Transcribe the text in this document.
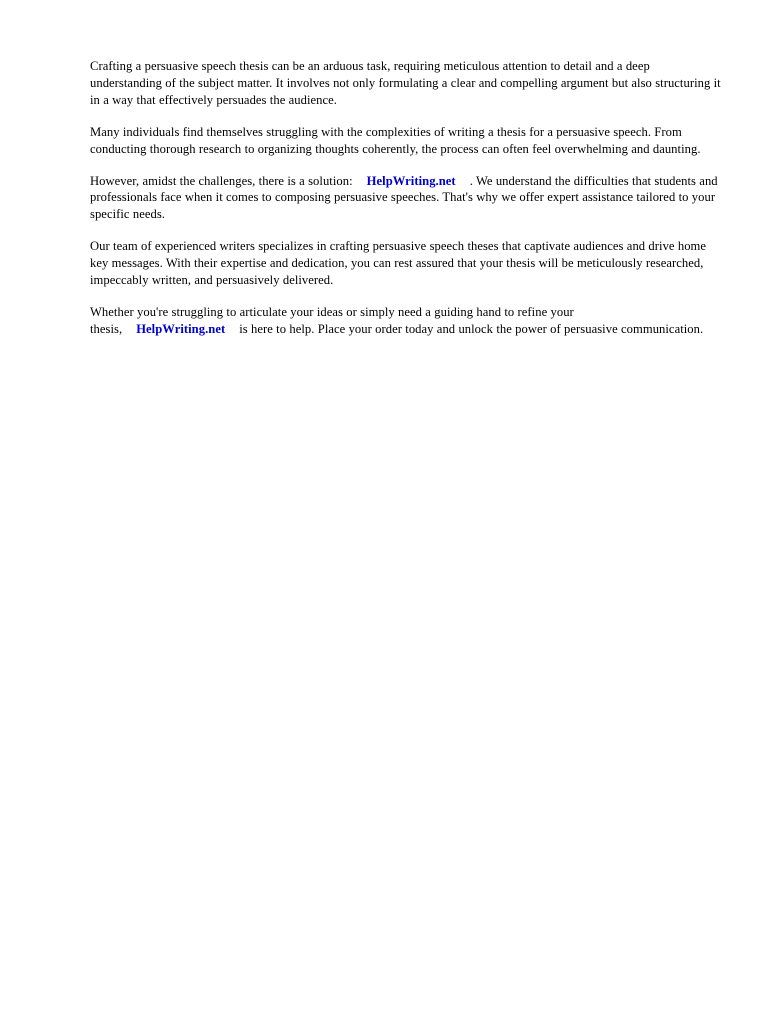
Crafting a persuasive speech thesis can be an arduous task, requiring meticulous attention to detail and a deep understanding of the subject matter. It involves not only formulating a clear and compelling argument but also structuring it in a way that effectively persuades the audience.

Many individuals find themselves struggling with the complexities of writing a thesis for a persuasive speech. From conducting thorough research to organizing thoughts coherently, the process can often feel overwhelming and daunting.

However, amidst the challenges, there is a solution: HelpWriting.net . We understand the difficulties that students and professionals face when it comes to composing persuasive speeches. That's why we offer expert assistance tailored to your specific needs.

Our team of experienced writers specializes in crafting persuasive speech theses that captivate audiences and drive home key messages. With their expertise and dedication, you can rest assured that your thesis will be meticulously researched, impeccably written, and persuasively delivered.

Whether you're struggling to articulate your ideas or simply need a guiding hand to refine your thesis, HelpWriting.net is here to help. Place your order today and unlock the power of persuasive communication.
